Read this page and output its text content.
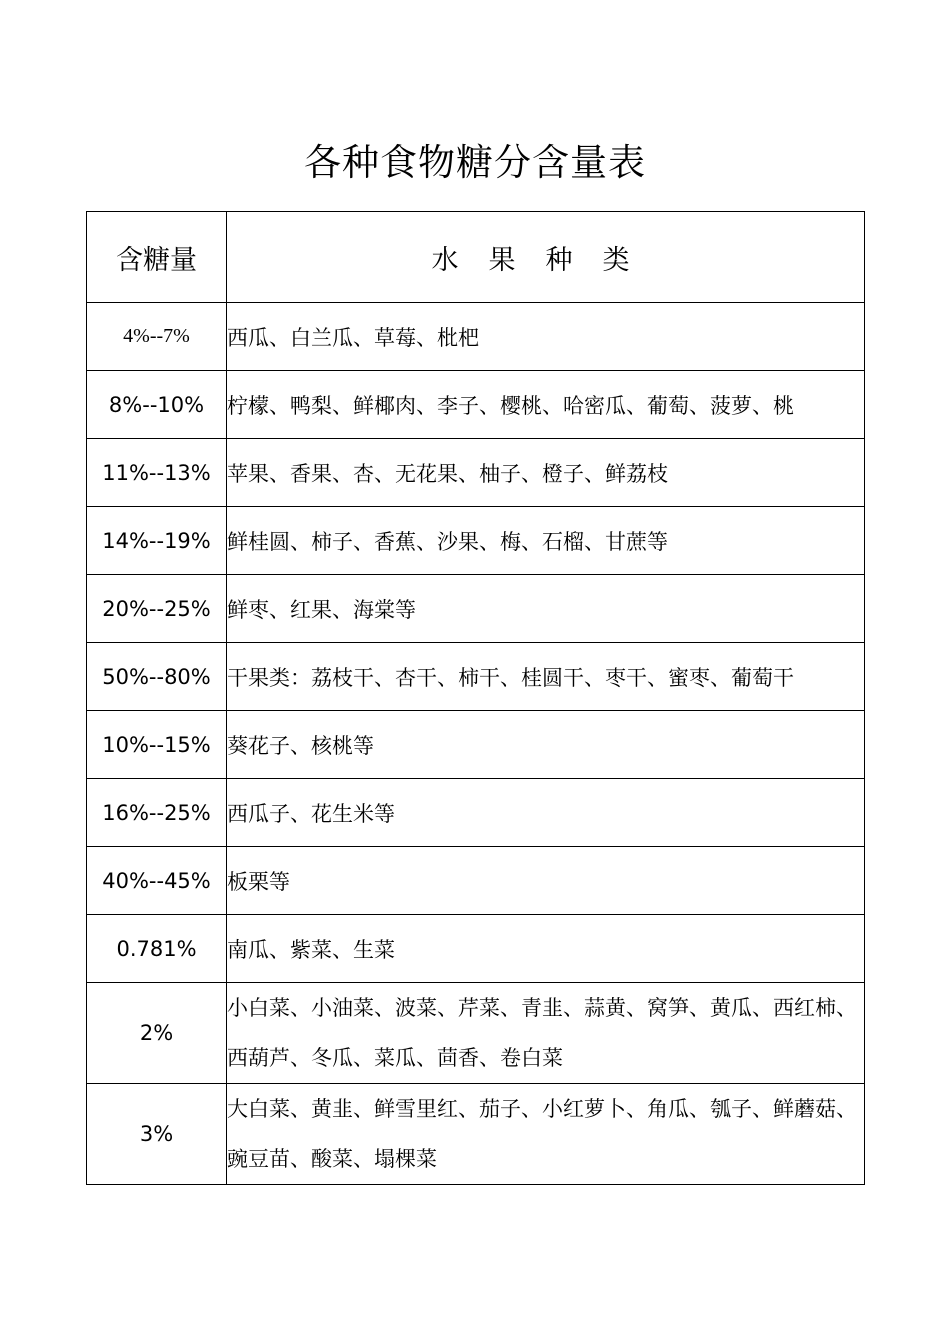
各种食物糖分含量表
含糖量	水果种类
4%--7%	西瓜、白兰瓜、草莓、枇杷
8%--10%	柠檬、鸭梨、鲜椰肉、李子、樱桃、哈密瓜、葡萄、菠萝、桃
11%--13%	苹果、香果、杏、无花果、柚子、橙子、鲜荔枝
14%--19%	鲜桂圆、柿子、香蕉、沙果、梅、石榴、甘蔗等
20%--25%	鲜枣、红果、海棠等
50%--80%	干果类：荔枝干、杏干、柿干、桂圆干、枣干、蜜枣、葡萄干
10%--15%	葵花子、核桃等
16%--25%	西瓜子、花生米等
40%--45%	板栗等
0.781%	南瓜、紫菜、生菜
2%	小白菜、小油菜、波菜、芹菜、青韭、蒜黄、窝笋、黄瓜、西红柿、西葫芦、冬瓜、菜瓜、茴香、卷白菜
3%	大白菜、黄韭、鲜雪里红、茄子、小红萝卜、角瓜、瓠子、鲜蘑菇、豌豆苗、酸菜、塌棵菜
